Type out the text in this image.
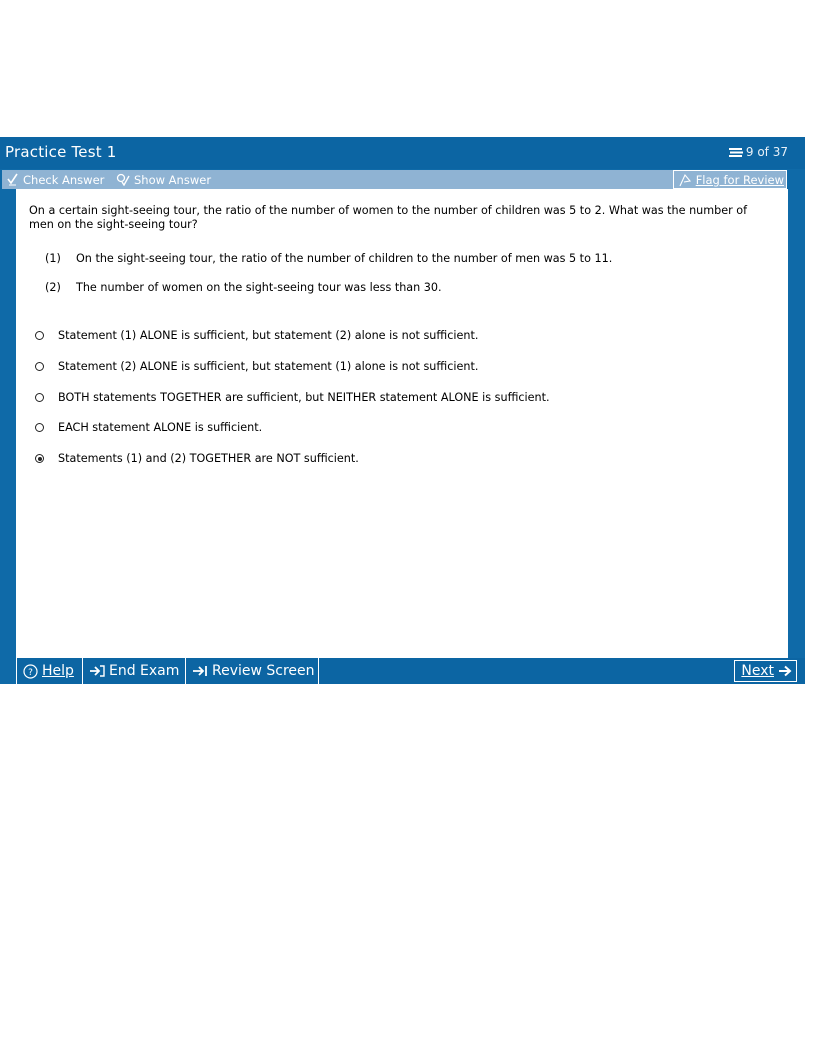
Practice Test 1	9 of 37
Check Answer	Show Answer	Flag for Review
On a certain sight-seeing tour, the ratio of the number of women to the number of children was 5 to 2. What was the number of men on the sight-seeing tour?
(1)	On the sight-seeing tour, the ratio of the number of children to the number of men was 5 to 11.
(2)	The number of women on the sight-seeing tour was less than 30.
Statement (1) ALONE is sufficient, but statement (2) alone is not sufficient.
Statement (2) ALONE is sufficient, but statement (1) alone is not sufficient.
BOTH statements TOGETHER are sufficient, but NEITHER statement ALONE is sufficient.
EACH statement ALONE is sufficient.
Statements (1) and (2) TOGETHER are NOT sufficient.
? Help	End Exam Review Screen	Next
